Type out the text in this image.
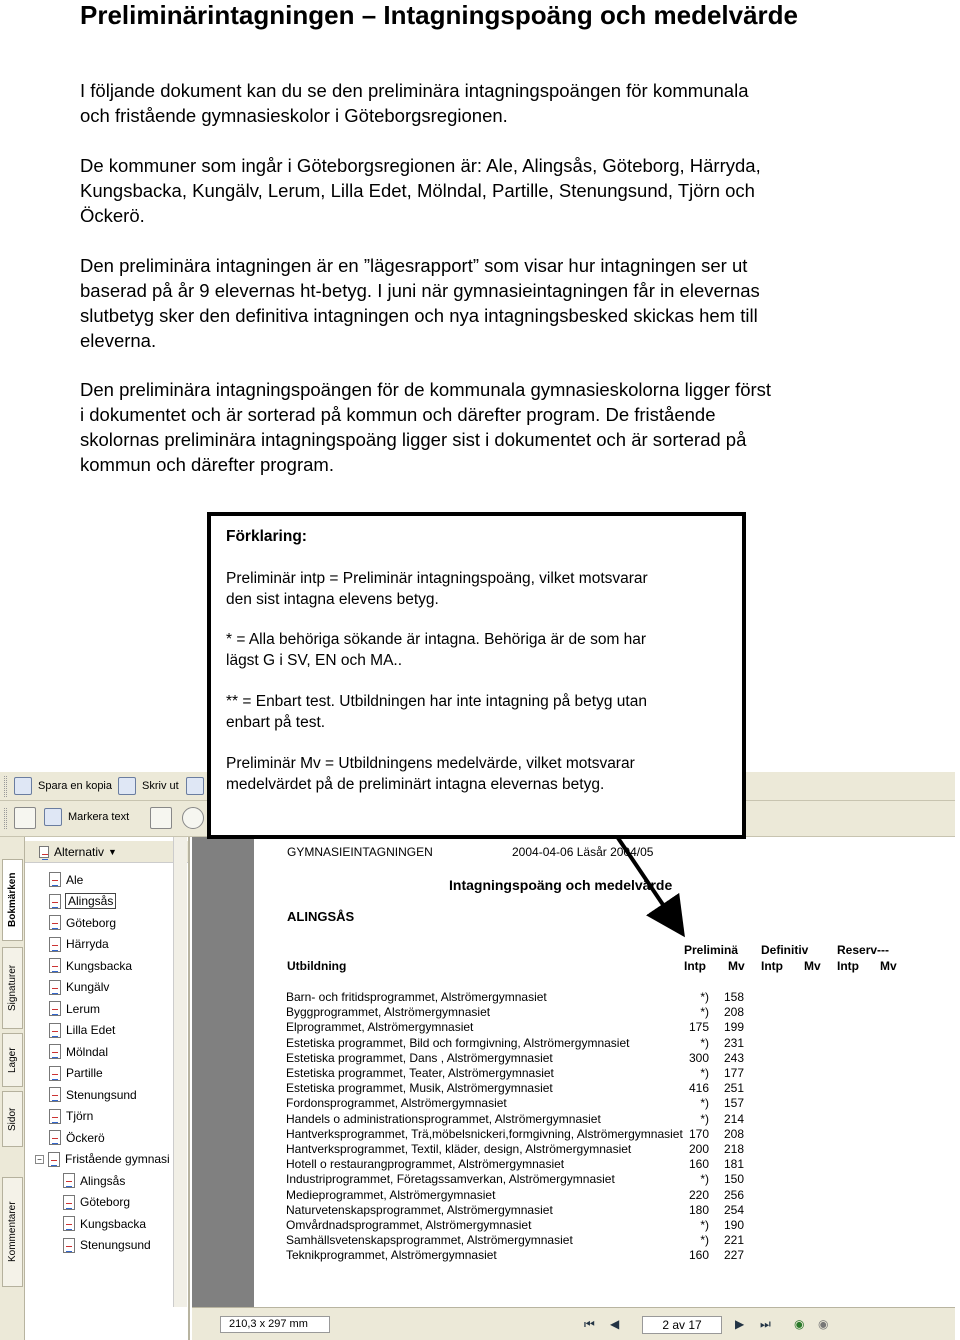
Preliminärintagningen – Intagningspoäng och medelvärde
I följande dokument kan du se den preliminära intagningspoängen för kommunala
och fristående gymnasieskolor i Göteborgsregionen.
De kommuner som ingår i Göteborgsregionen är: Ale, Alingsås, Göteborg, Härryda,
Kungsbacka, Kungälv, Lerum, Lilla Edet, Mölndal, Partille, Stenungsund, Tjörn och
Öckerö.
Den preliminära intagningen är en ”lägesrapport” som visar hur intagningen ser ut
baserad på år 9 elevernas ht-betyg. I juni när gymnasieintagningen får in elevernas
slutbetyg sker den definitiva intagningen och nya intagningsbesked skickas hem till
eleverna.
Den preliminära intagningspoängen för de kommunala gymnasieskolorna ligger först
i dokumentet och är sorterad på kommun och därefter program. De fristående
skolornas preliminära intagningspoäng ligger sist i dokumentet och är sorterad på
kommun och därefter program.
Spara en kopia	Skriv ut
Markera text
Bokmärken
Signaturer
Lager
Sidor
Kommentarer
Alternativ ▼
Ale
Alingsås
Göteborg
Härryda
Kungsbacka
Kungälv
Lerum
Lilla Edet
Mölndal
Partille
Stenungsund
Tjörn
Öckerö
− Fristående gymnasi
Alingsås
Göteborg
Kungsbacka
Stenungsund
GYMNASIEINTAGNINGEN	2004-04-06 Läsår 2004/05
Intagningspoäng och medelvärde
ALINGSÅS
Preliminä Definitiv Reserv---
Utbildning	Intp Mv Intp Mv Intp Mv
Barn- och fritidsprogrammet, Alströmergymnasiet	*)	158
Byggprogrammet, Alströmergymnasiet	*)	208
Elprogrammet, Alströmergymnasiet	175	199
Estetiska programmet, Bild och formgivning, Alströmergymnasiet	*)	231
Estetiska programmet, Dans , Alströmergymnasiet	300	243
Estetiska programmet, Teater, Alströmergymnasiet	*)	177
Estetiska programmet, Musik, Alströmergymnasiet	416	251
Fordonsprogrammet, Alströmergymnasiet	*)	157
Handels o administrationsprogrammet, Alströmergymnasiet	*)	214
Hantverksprogrammet, Trä,möbelsnickeri,formgivning, Alströmergymnasiet 170	208
Hantverksprogrammet, Textil, kläder, design, Alströmergymnasiet	200	218
Hotell o restaurangprogrammet, Alströmergymnasiet	160	181
Industriprogrammet, Företagssamverkan, Alströmergymnasiet	*)	150
Medieprogrammet, Alströmergymnasiet	220	256
Naturvetenskapsprogrammet, Alströmergymnasiet	180	254
Omvårdnadsprogrammet, Alströmergymnasiet	*)	190
Samhällsvetenskapsprogrammet, Alströmergymnasiet	*)	221
Teknikprogrammet, Alströmergymnasiet	160	227
210,3 x 297 mm	⏮ ◀	2 av 17	▶ ⏭ ◉ ◉
Förklaring:
Preliminär intp = Preliminär intagningspoäng, vilket motsvarar
den sist intagna elevens betyg.
* = Alla behöriga sökande är intagna. Behöriga är de som har
lägst G i SV, EN och MA..
** = Enbart test. Utbildningen har inte intagning på betyg utan
enbart på test.
Preliminär Mv = Utbildningens medelvärde, vilket motsvarar
medelvärdet på de preliminärt intagna elevernas betyg.
